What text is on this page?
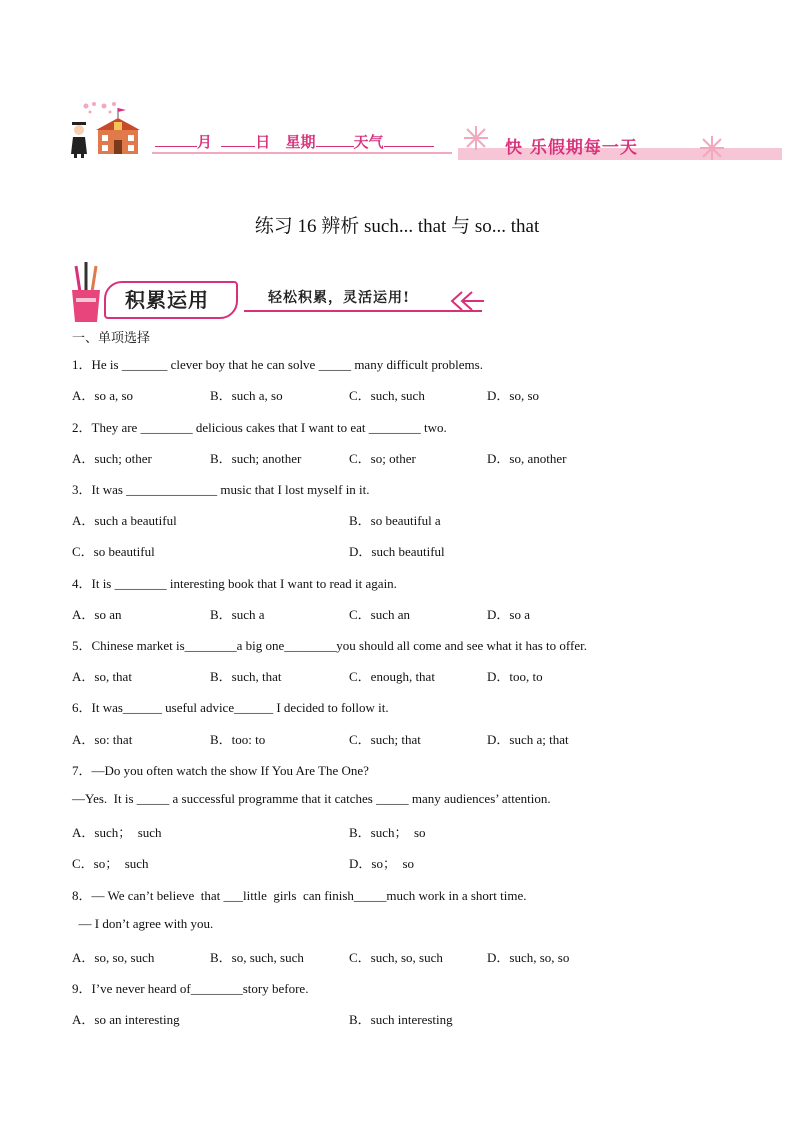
月	日 星期	天气	快 乐假期每一天
练习 16 辨析 such... that 与 so... that
积累运用	轻松积累，灵活运用!
一、单项选择
1．He is _______ clever boy that he can solve _____ many difficult problems.
A．so a, so	B．such a, so	C．such, such	D．so, so
2．They are ________ delicious cakes that I want to eat ________ two.
A．such; other	B．such; another	C．so; other	D．so, another
3．It was ______________ music that I lost myself in it.
A．such a beautiful	B．so beautiful a
C．so beautiful	D．such beautiful
4．It is ________ interesting book that I want to read it again.
A．so an	B．such a	C．such an	D．so a
5．Chinese market is________a big one________you should all come and see what it has to offer.
A．so, that	B．such, that	C．enough, that	D．too, to
6．It was______ useful advice______ I decided to follow it.
A．so: that	B．too: to	C．such; that	D．such a; that
7．—Do you often watch the show If You Are The One?
—Yes.  It is _____ a successful programme that it catches _____ many audiences’ attention.
A．such；  such	B．such；  so
C．so；  such	D．so；  so
8．— We can’t believe  that ___little  girls  can finish_____much work in a short time.
— I don’t agree with you.
A．so, so, such	B．so, such, such	C．such, so, such	D．such, so, so
9．I’ve never heard of________story before.
A．so an interesting	B．such interesting
